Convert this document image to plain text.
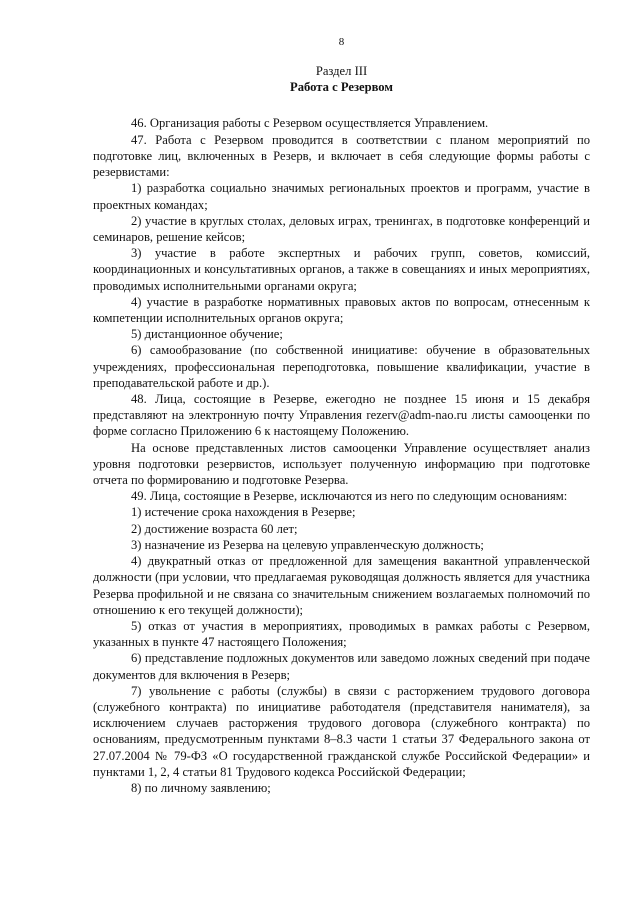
8
Раздел III
Работа с Резервом

46. Организация работы с Резервом осуществляется Управлением.

47. Работа с Резервом проводится в соответствии с планом мероприятий по подготовке лиц, включенных в Резерв, и включает в себя следующие формы работы с резервистами:

1) разработка социально значимых региональных проектов и программ, участие в проектных командах;

2) участие в круглых столах, деловых играх, тренингах, в подготовке конференций и семинаров, решение кейсов;

3) участие в работе экспертных и рабочих групп, советов, комиссий, координационных и консультативных органов, а также в совещаниях и иных мероприятиях, проводимых исполнительными органами округа;

4) участие в разработке нормативных правовых актов по вопросам, отнесенным к компетенции исполнительных органов округа;

5) дистанционное обучение;

6) самообразование (по собственной инициативе: обучение в образовательных учреждениях, профессиональная переподготовка, повышение квалификации, участие в преподавательской работе и др.).

48. Лица, состоящие в Резерве, ежегодно не позднее 15 июня и 15 декабря представляют на электронную почту Управления rezerv@adm-nao.ru листы самооценки по форме согласно Приложению 6 к настоящему Положению.

На основе представленных листов самооценки Управление осуществляет анализ уровня подготовки резервистов, использует полученную информацию при подготовке отчета по формированию и подготовке Резерва.

49. Лица, состоящие в Резерве, исключаются из него по следующим основаниям:

1) истечение срока нахождения в Резерве;

2) достижение возраста 60 лет;

3) назначение из Резерва на целевую управленческую должность;

4) двукратный отказ от предложенной для замещения вакантной управленческой должности (при условии, что предлагаемая руководящая должность является для участника Резерва профильной и не связана со значительным снижением возлагаемых полномочий по отношению к его текущей должности);

5) отказ от участия в мероприятиях, проводимых в рамках работы с Резервом, указанных в пункте 47 настоящего Положения;

6) представление подложных документов или заведомо ложных сведений при подаче документов для включения в Резерв;

7) увольнение с работы (службы) в связи с расторжением трудового договора (служебного контракта) по инициативе работодателя (представителя нанимателя), за исключением случаев расторжения трудового договора (служебного контракта) по основаниям, предусмотренным пунктами 8–8.3 части 1 статьи 37 Федерального закона от 27.07.2004 № 79-ФЗ «О государственной гражданской службе Российской Федерации» и пунктами 1, 2, 4 статьи 81 Трудового кодекса Российской Федерации;

8) по личному заявлению;
